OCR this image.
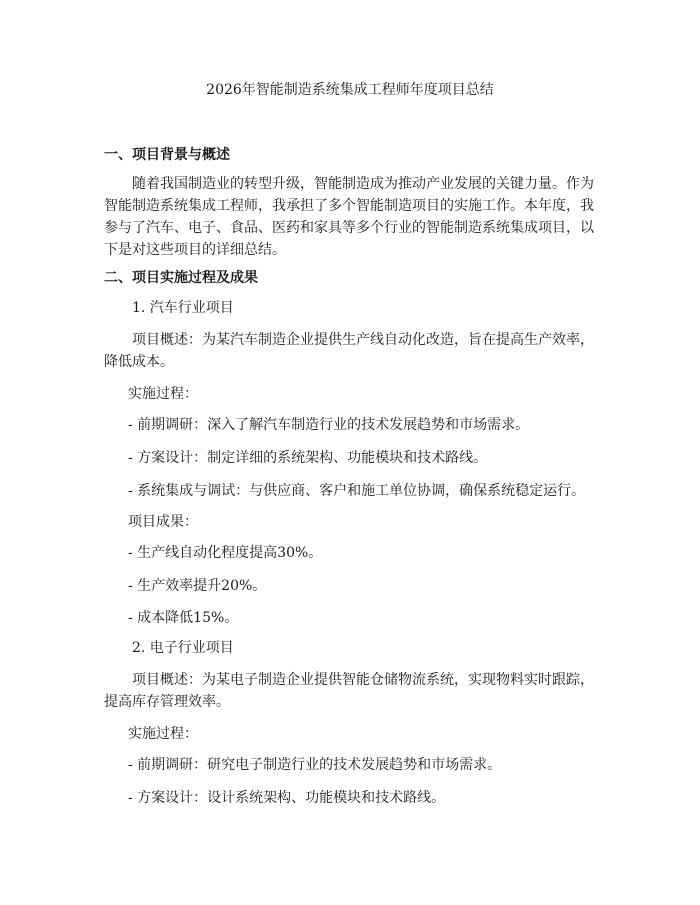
2026年智能制造系统集成工程师年度项目总结
一、项目背景与概述
随着我国制造业的转型升级，智能制造成为推动产业发展的关键力量。作为智能制造系统集成工程师，我承担了多个智能制造项目的实施工作。本年度，我参与了汽车、电子、食品、医药和家具等多个行业的智能制造系统集成项目，以下是对这些项目的详细总结。
二、项目实施过程及成果
1. 汽车行业项目
项目概述：为某汽车制造企业提供生产线自动化改造，旨在提高生产效率，降低成本。
实施过程：
- 前期调研：深入了解汽车制造行业的技术发展趋势和市场需求。
- 方案设计：制定详细的系统架构、功能模块和技术路线。
- 系统集成与调试：与供应商、客户和施工单位协调，确保系统稳定运行。
项目成果：
- 生产线自动化程度提高30%。
- 生产效率提升20%。
- 成本降低15%。
2. 电子行业项目
项目概述：为某电子制造企业提供智能仓储物流系统，实现物料实时跟踪，提高库存管理效率。
实施过程：
- 前期调研：研究电子制造行业的技术发展趋势和市场需求。
- 方案设计：设计系统架构、功能模块和技术路线。
